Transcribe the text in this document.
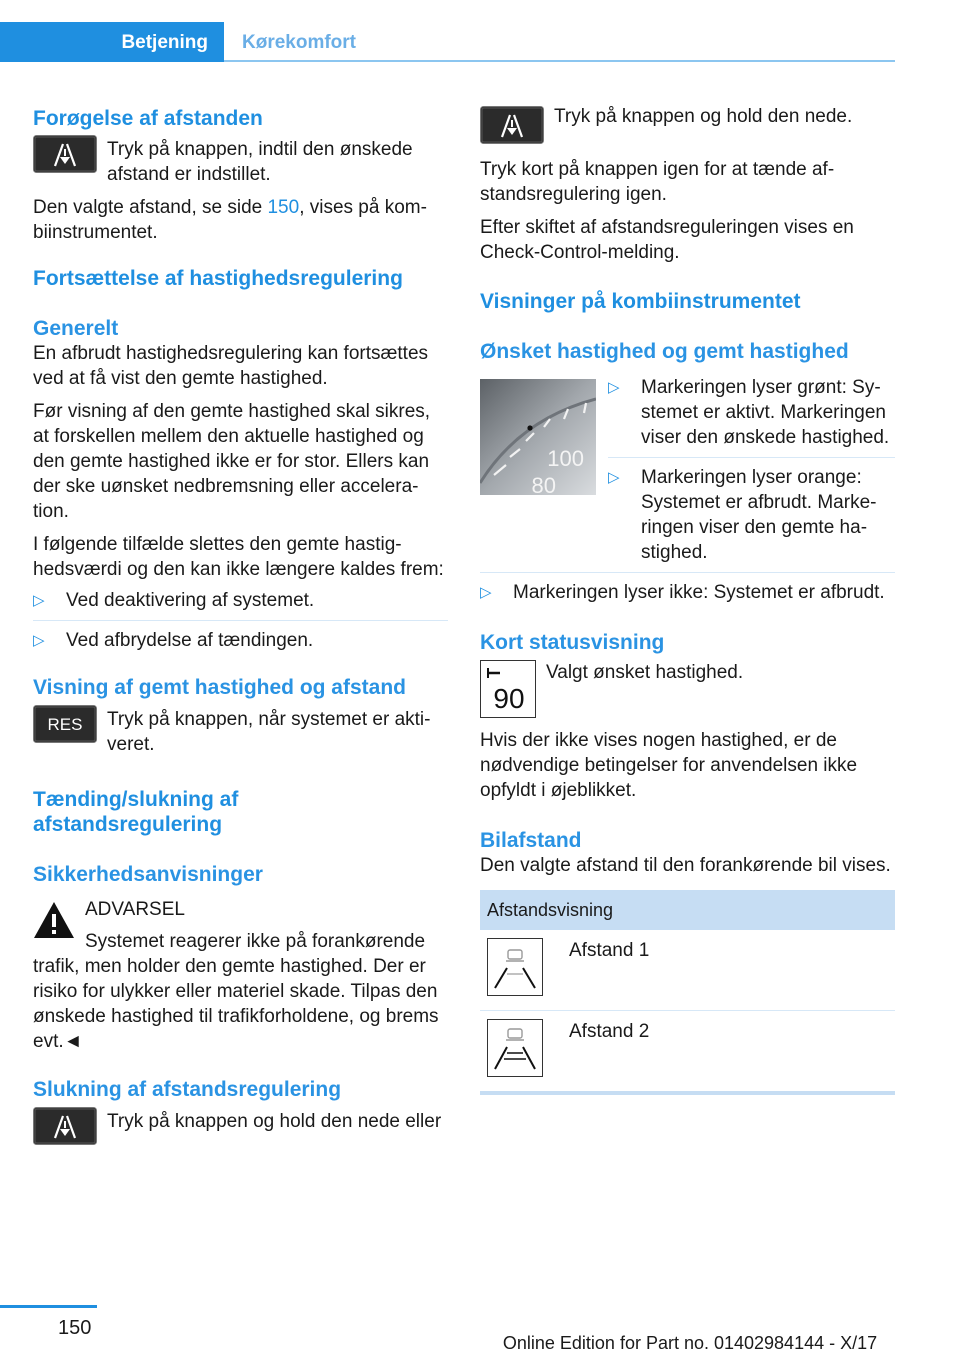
Betjening	Kørekomfort
Forøgelse af afstanden

Tryk på knappen, indtil den ønskede afstand er indstillet.

Den valgte afstand, se side 150, vises på kombiinstrumentet.

Fortsættelse af hastighedsregulering
Generelt

En afbrudt hastighedsregulering kan fortsættes ved at få vist den gemte hastighed.

Før visning af den gemte hastighed skal sikres, at forskellen mellem den aktuelle hastighed og den gemte hastighed ikke er for stor. Ellers kan der ske uønsket nedbremsning eller acceleration.

I følgende tilfælde slettes den gemte hastighedsværdi og den kan ikke længere kaldes frem:

▷ Ved deaktivering af systemet.
▷ Ved afbrydelse af tændingen.
Visning af gemt hastighed og afstand
RES Tryk på knappen, når systemet er aktiveret.

Tænding/slukning af afstandsregulering
Sikkerhedsanvisninger

ADVARSEL

Systemet reagerer ikke på forankørende

trafik, men holder den gemte hastighed. Der er risiko for ulykker eller materiel skade. Tilpas den ønskede hastighed til trafikforholdene, og brems evt.◄

Slukning af afstandsregulering

Tryk på knappen og hold den nede eller

Tryk på knappen og hold den nede.

Tryk kort på knappen igen for at tænde afstandsregulering igen.

Efter skiftet af afstandsreguleringen vises en Check-Control-melding.

Visninger på kombiinstrumentet
Ønsket hastighed og gemt hastighed
100
80
▷ Markeringen lyser grønt: Systemet er aktivt. Markeringen viser den ønskede hastighed.
▷ Markeringen lyser orange: Systemet er afbrudt. Markeringen viser den gemte hastighed.
▷ Markeringen lyser ikke: Systemet er afbrudt.
Kort statusvisning
90

Valgt ønsket hastighed.

Hvis der ikke vises nogen hastighed, er de nødvendige betingelser for anvendelsen ikke opfyldt i øjeblikket.

Bilafstand

Den valgte afstand til den forankørende bil vises.

Afstandsvisning	
	Afstand 1
	Afstand 2
150
Online Edition for Part no. 01402984144 - X/17
